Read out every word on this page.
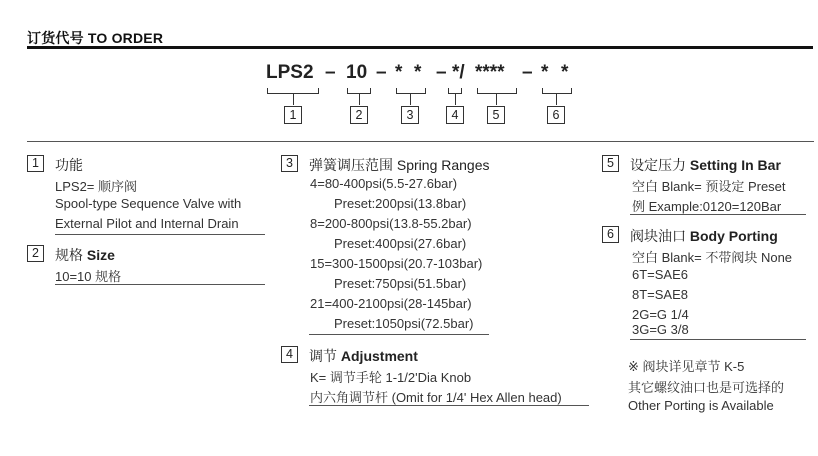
订货代号 TO ORDER
LPS2 – 10 – * * – */ **** – * *
1	2	3	4	5	6
1	功能
LPS2= 顺序阀
Spool-type Sequence Valve with
External Pilot and Internal Drain
2	规格 Size
10=10 规格
3	弹簧调压范围 Spring Ranges
4=80-400psi(5.5-27.6bar)
Preset:200psi(13.8bar)
8=200-800psi(13.8-55.2bar)
Preset:400psi(27.6bar)
15=300-1500psi(20.7-103bar)
Preset:750psi(51.5bar)
21=400-2100psi(28-145bar)
Preset:1050psi(72.5bar)
4	调节 Adjustment
K= 调节手轮 1-1/2'Dia Knob
内六角调节杆 (Omit for 1/4' Hex Allen head)
5	设定压力 Setting In Bar
空白 Blank= 预设定 Preset
例 Example:0120=120Bar
6	阀块油口 Body Porting
空白 Blank= 不带阀块 None
6T=SAE6
8T=SAE8
2G=G 1/4
3G=G 3/8
※ 阀块详见章节 K-5
其它螺纹油口也是可选择的
Other Porting is Available
